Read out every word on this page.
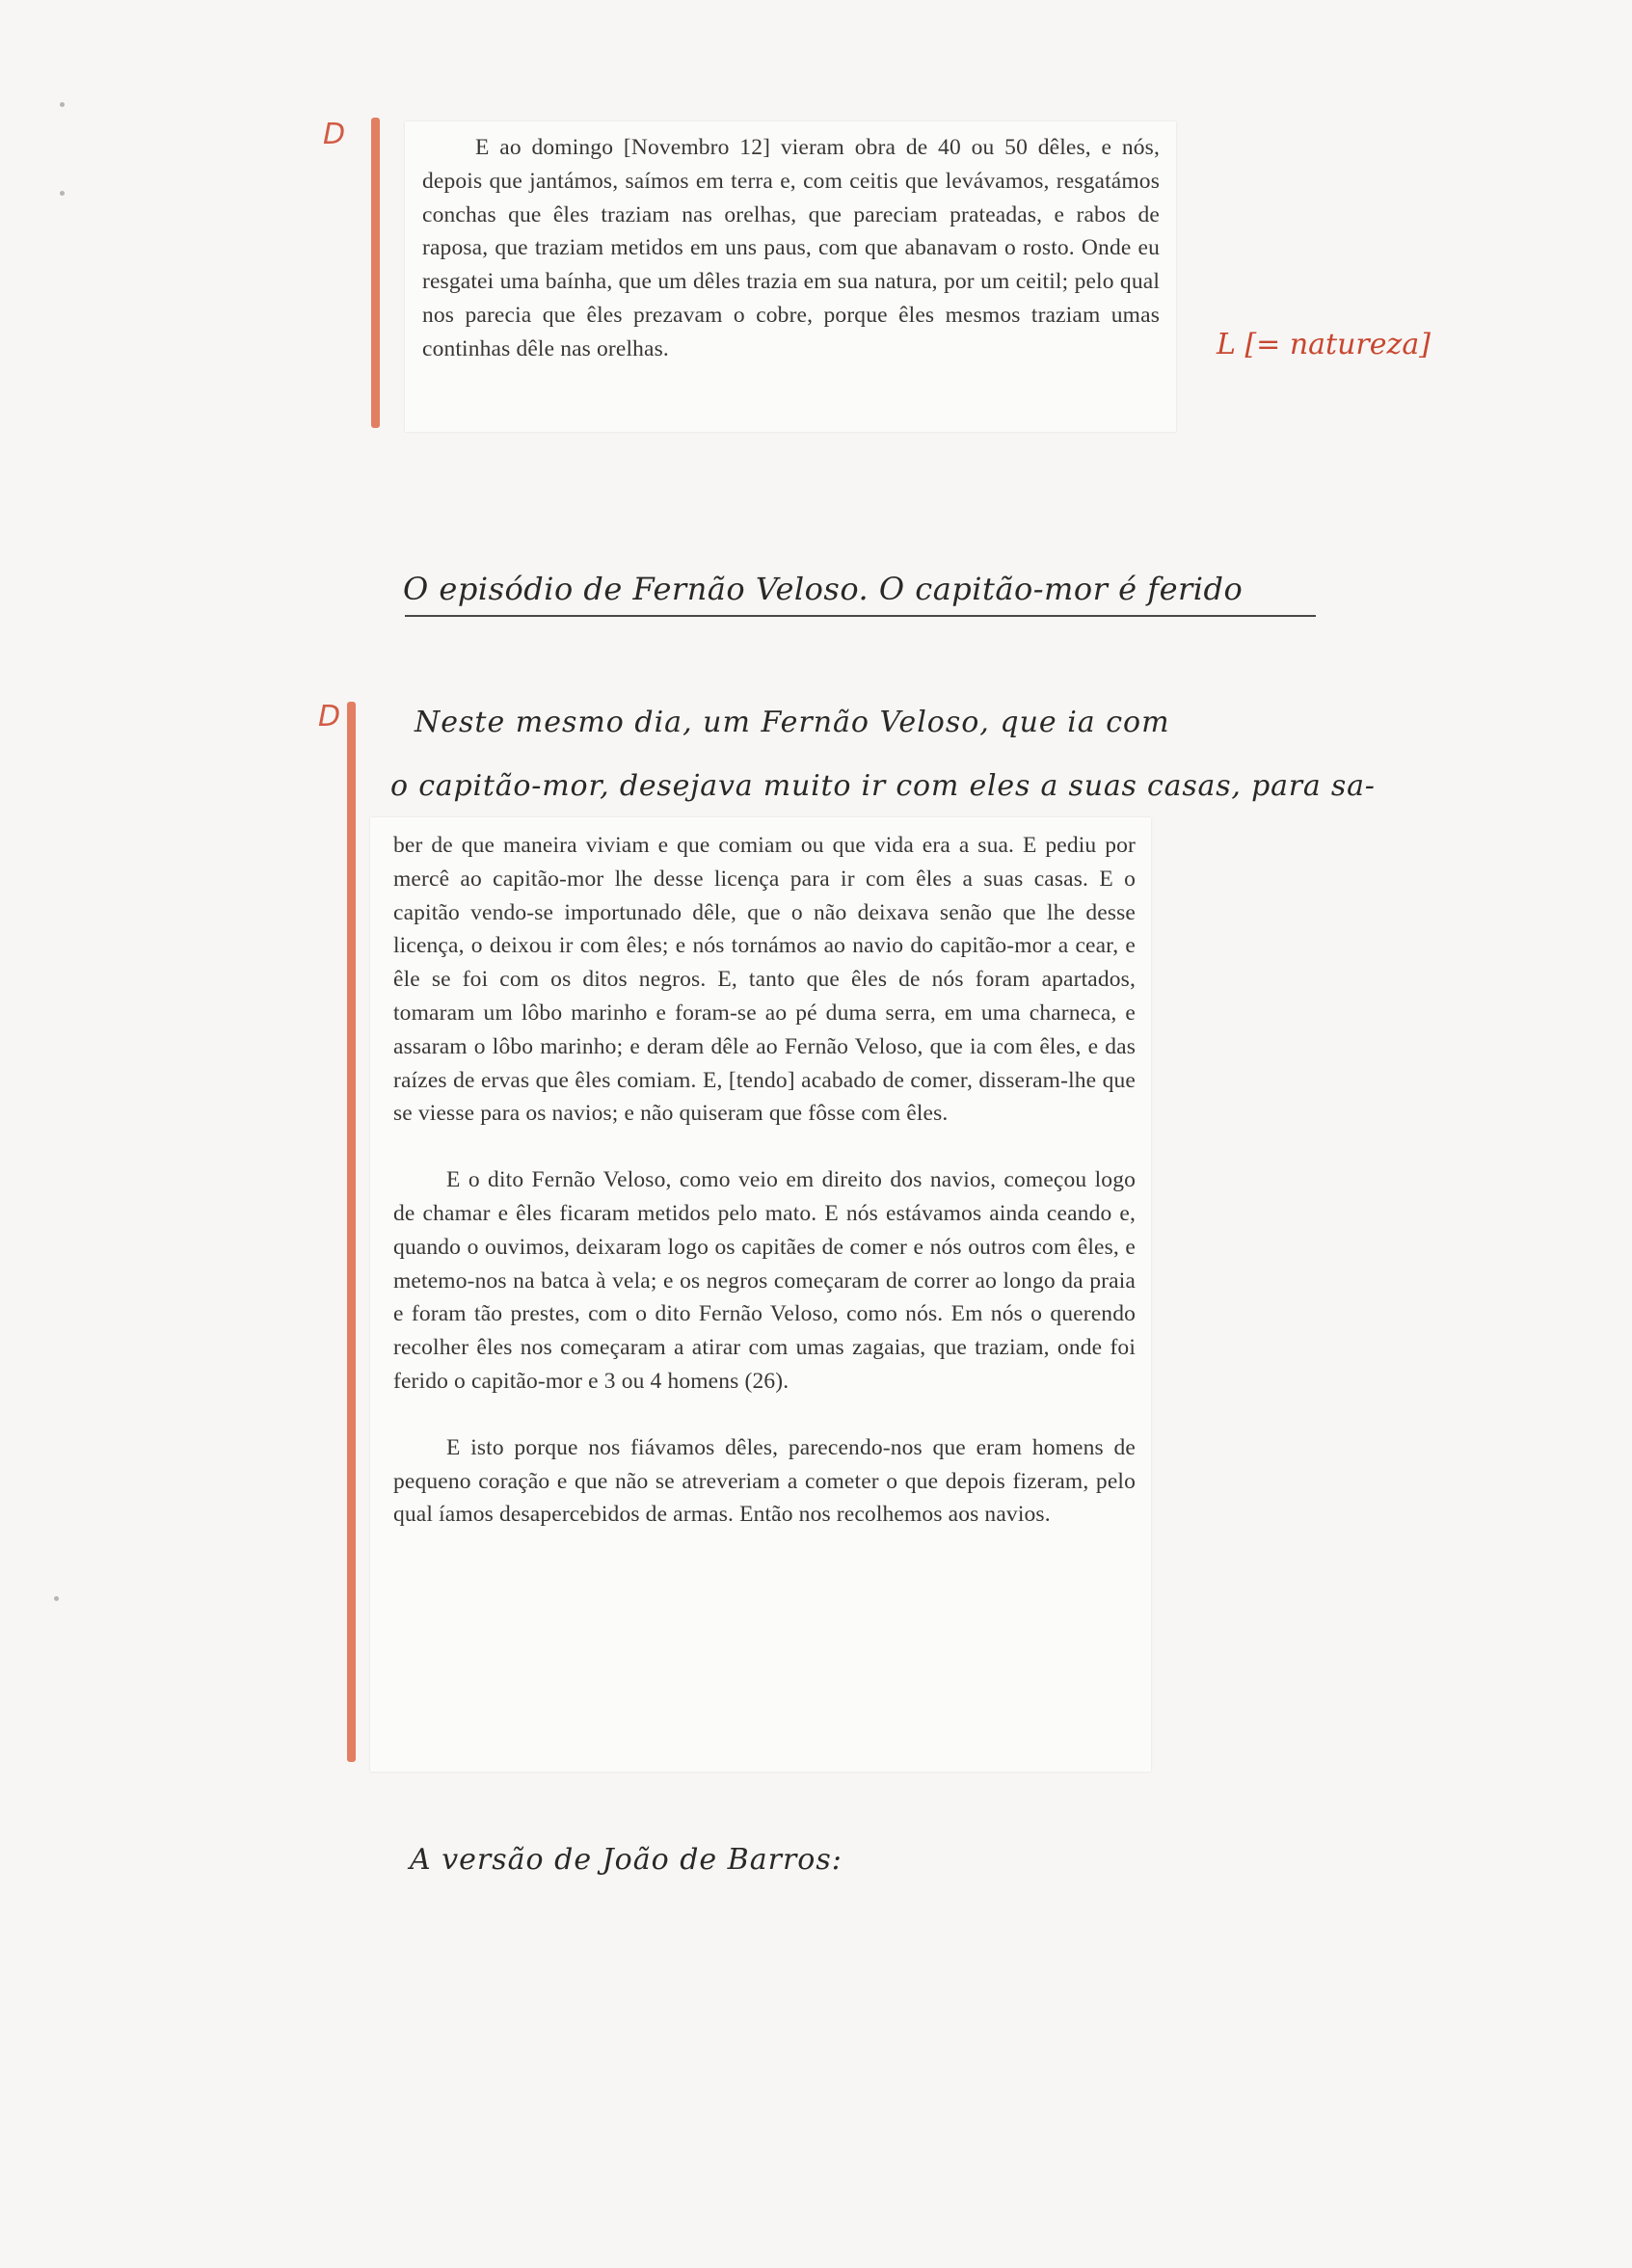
D	E ao domingo [Novembro 12] vieram obra de 40 ou 50 dêles, e nós, depois que jantámos, saímos em terra e, com ceitis que levávamos, resgatámos conchas que êles traziam nas orelhas, que pareciam prateadas, e rabos de raposa, que traziam metidos em uns paus, com que abanavam o rosto. Onde eu resgatei uma baínha, que um dêles trazia em sua natura, por um ceitil; pelo qual nos parecia que êles prezavam o cobre, porque êles mesmos traziam umas continhas dêle nas orelhas.	L [= natureza]
O episódio de Fernão Veloso. O capitão-mor é ferido
D	Neste mesmo dia, um Fernão Veloso, que ia com
o capitão-mor, desejava muito ir com eles a suas casas, para sa-

ber de que maneira viviam e que comiam ou que vida era a sua. E pediu por mercê ao capitão-mor lhe desse licença para ir com êles a suas casas. E o capitão vendo-se importunado dêle, que o não deixava senão que lhe desse licença, o deixou ir com êles; e nós tornámos ao navio do capitão-mor a cear, e êle se foi com os ditos negros. E, tanto que êles de nós foram apartados, tomaram um lôbo marinho e foram-se ao pé duma serra, em uma charneca, e assaram o lôbo marinho; e deram dêle ao Fernão Veloso, que ia com êles, e das raízes de ervas que êles comiam. E, [tendo] acabado de comer, disseram-lhe que se viesse para os navios; e não quiseram que fôsse com êles.

E o dito Fernão Veloso, como veio em direito dos navios, começou logo de chamar e êles ficaram metidos pelo mato. E nós estávamos ainda ceando e, quando o ouvimos, deixaram logo os capitães de comer e nós outros com êles, e metemo-nos na batca à vela; e os negros começaram de correr ao longo da praia e foram tão prestes, com o dito Fernão Veloso, como nós. Em nós o querendo recolher êles nos começaram a atirar com umas zagaias, que traziam, onde foi ferido o capitão-mor e 3 ou 4 homens (26).

E isto porque nos fiávamos dêles, parecendo-nos que eram homens de pequeno coração e que não se atreveriam a cometer o que depois fizeram, pelo qual íamos desapercebidos de armas. Então nos recolhemos aos navios.

A versão de João de Barros:
